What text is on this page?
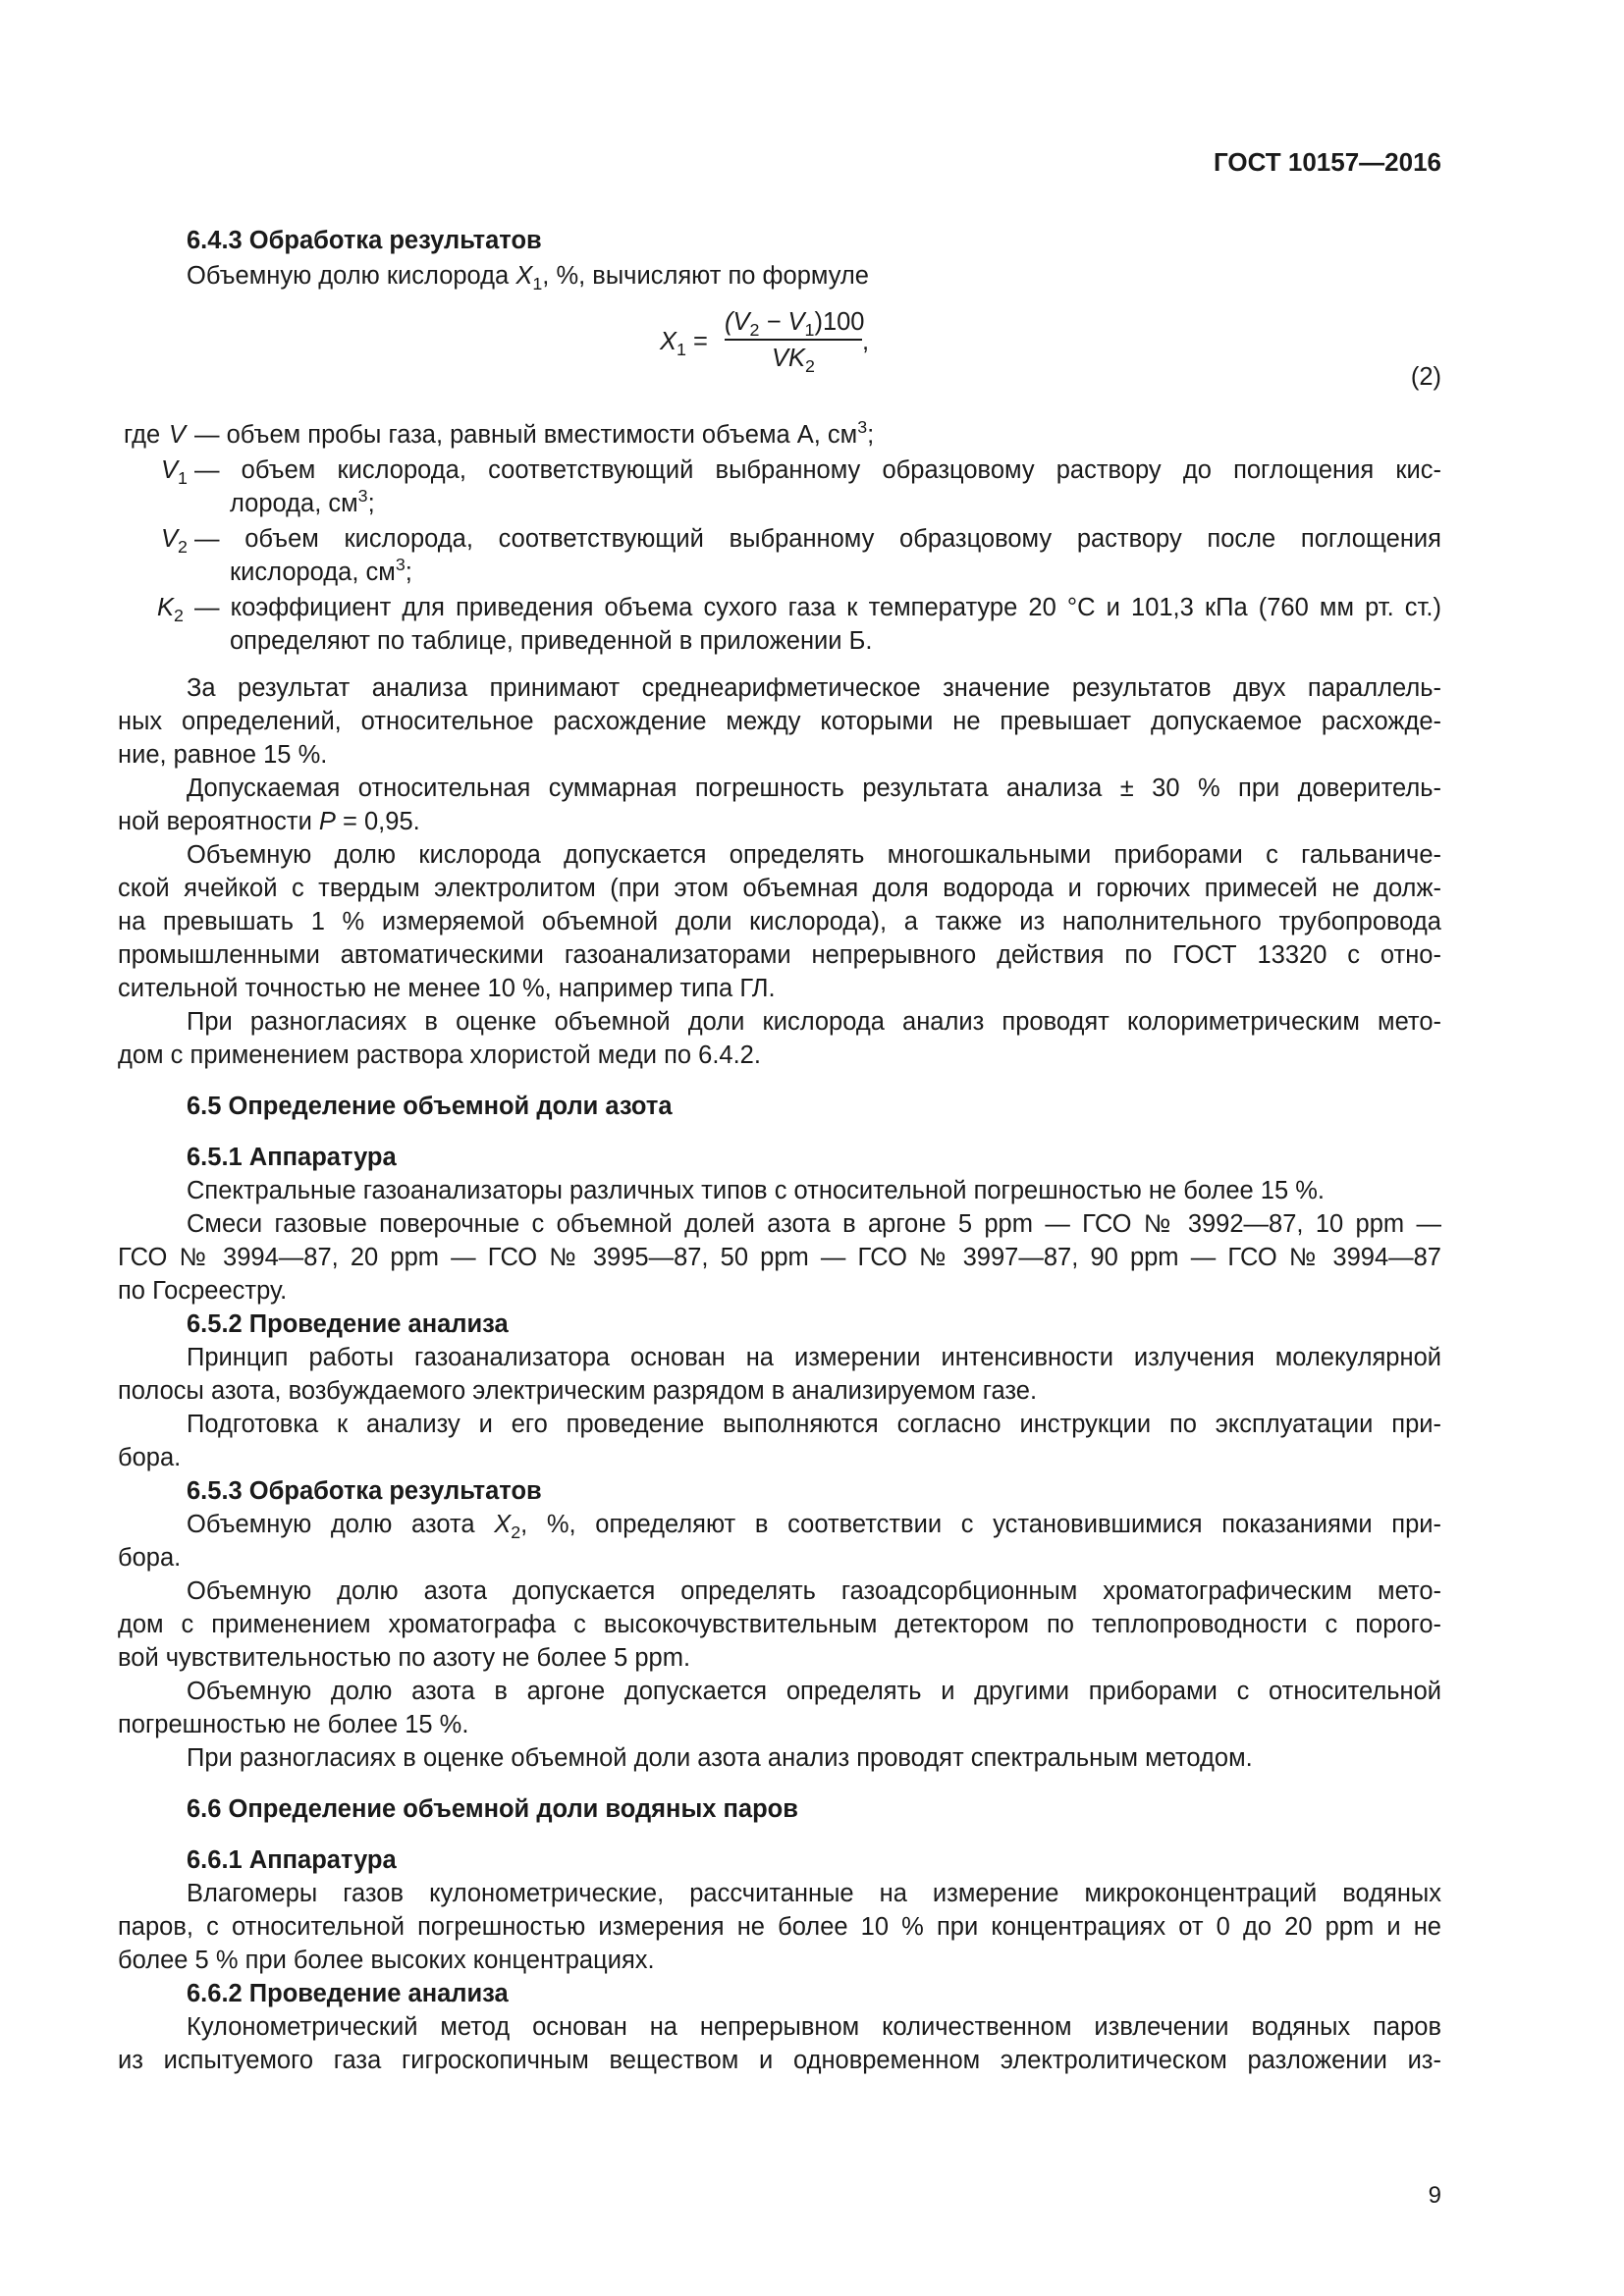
ГОСТ 10157—2016
6.4.3 Обработка результатов
Объемную долю кислорода $X_1$, %, вычисляют по формуле
$X_1 = \frac{(V_2 - V_1)100}{VK_2}$ ,
(2)
где V — объем пробы газа, равный вместимости объема А, $см^3$;
$V_1$ — объем кислорода, соответствующий выбранному образцовому раствору до поглощения кис-
лорода, $см^3$;
$V_2$ — объем кислорода, соответствующий выбранному образцовому раствору после поглощения
кислорода, $см^3$;
$K_2$ — коэффициент для приведения объема сухого газа к температуре 20 °С и 101,3 кПа (760 мм рт. ст.)
определяют по таблице, приведенной в приложении Б.
За результат анализа принимают среднеарифметическое значение результатов двух параллель-
ных определений, относительное расхождение между которыми не превышает допускаемое расхожде-
ние, равное 15 %.
Допускаемая относительная суммарная погрешность результата анализа ± 30 % при доверитель-
ной вероятности Р = 0,95.
Объемную долю кислорода допускается определять многошкальными приборами с гальваниче-
ской ячейкой с твердым электролитом (при этом объемная доля водорода и горючих примесей не долж-
на превышать 1 % измеряемой объемной доли кислорода), а также из наполнительного трубопровода
промышленными автоматическими газоанализаторами непрерывного действия по ГОСТ 13320 с отно-
сительной точностью не менее 10 %, например типа ГЛ.
При разногласиях в оценке объемной доли кислорода анализ проводят колориметрическим мето-
дом с применением раствора хлористой меди по 6.4.2.
6.5 Определение объемной доли азота
6.5.1 Аппаратура
Спектральные газоанализаторы различных типов с относительной погрешностью не более 15 %.
Смеси газовые поверочные с объемной долей азота в аргоне 5 ppm — ГСО № 3992—87, 10 ppm —
ГСО № 3994—87, 20 ppm — ГСО № 3995—87, 50 ppm — ГСО № 3997—87, 90 ppm — ГСО № 3994—87
по Госреестру.
6.5.2 Проведение анализа
Принцип работы газоанализатора основан на измерении интенсивности излучения молекулярной
полосы азота, возбуждаемого электрическим разрядом в анализируемом газе.
Подготовка к анализу и его проведение выполняются согласно инструкции по эксплуатации при-
бора.
6.5.3 Обработка результатов
Объемную долю азота $X_2$, %, определяют в соответствии с установившимися показаниями при-
бора.
Объемную долю азота допускается определять газоадсорбционным хроматографическим мето-
дом с применением хроматографа с высокочувствительным детектором по теплопроводности с порого-
вой чувствительностью по азоту не более 5 ppm.
Объемную долю азота в аргоне допускается определять и другими приборами с относительной
погрешностью не более 15 %.
При разногласиях в оценке объемной доли азота анализ проводят спектральным методом.
6.6 Определение объемной доли водяных паров
6.6.1 Аппаратура
Влагомеры газов кулонометрические, рассчитанные на измерение микроконцентраций водяных
паров, с относительной погрешностью измерения не более 10 % при концентрациях от 0 до 20 ppm и не
более 5 % при более высоких концентрациях.
6.6.2 Проведение анализа
Кулонометрический метод основан на непрерывном количественном извлечении водяных паров
из испытуемого газа гигроскопичным веществом и одновременном электролитическом разложении из-
9
